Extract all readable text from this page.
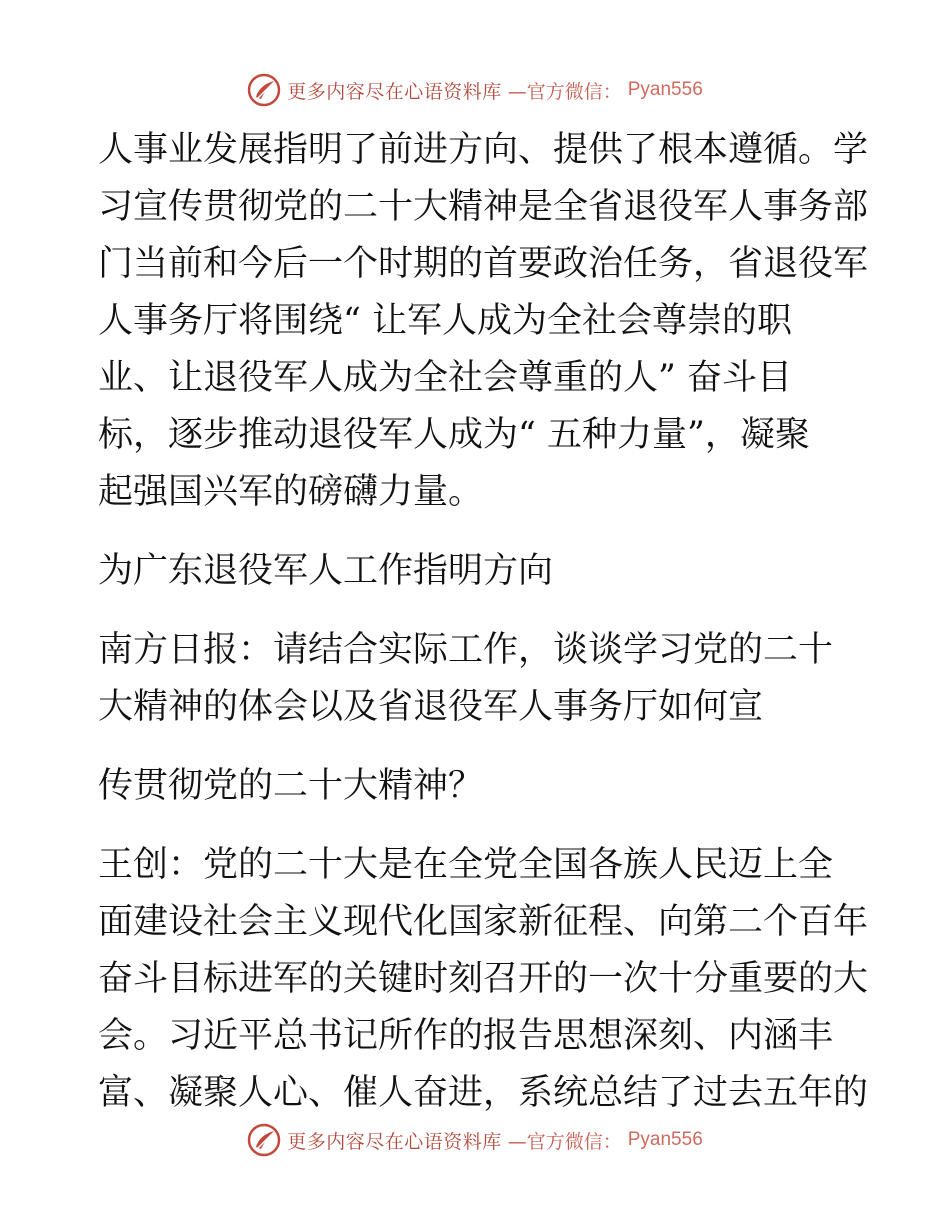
更多内容尽在心语资料库 —官方微信： Pyan556

人事业发展指明了前进方向、提供了根本遵循。学

习宣传贯彻党的二十大精神是全省退役军人事务部

门当前和今后一个时期的首要政治任务，省退役军

人事务厅将围绕“ 让军人成为全社会尊崇的职

业、让退役军人成为全社会尊重的人” 奋斗目

标，逐步推动退役军人成为“ 五种力量”，凝聚

起强国兴军的磅礴力量。

为广东退役军人工作指明方向

南方日报：请结合实际工作，谈谈学习党的二十

大精神的体会以及省退役军人事务厅如何宣

传贯彻党的二十大精神？

王创：党的二十大是在全党全国各族人民迈上全

面建设社会主义现代化国家新征程、向第二个百年

奋斗目标进军的关键时刻召开的一次十分重要的大

会。习近平总书记所作的报告思想深刻、内涵丰

富、凝聚人心、催人奋进，系统总结了过去五年的

更多内容尽在心语资料库 —官方微信： Pyan556
